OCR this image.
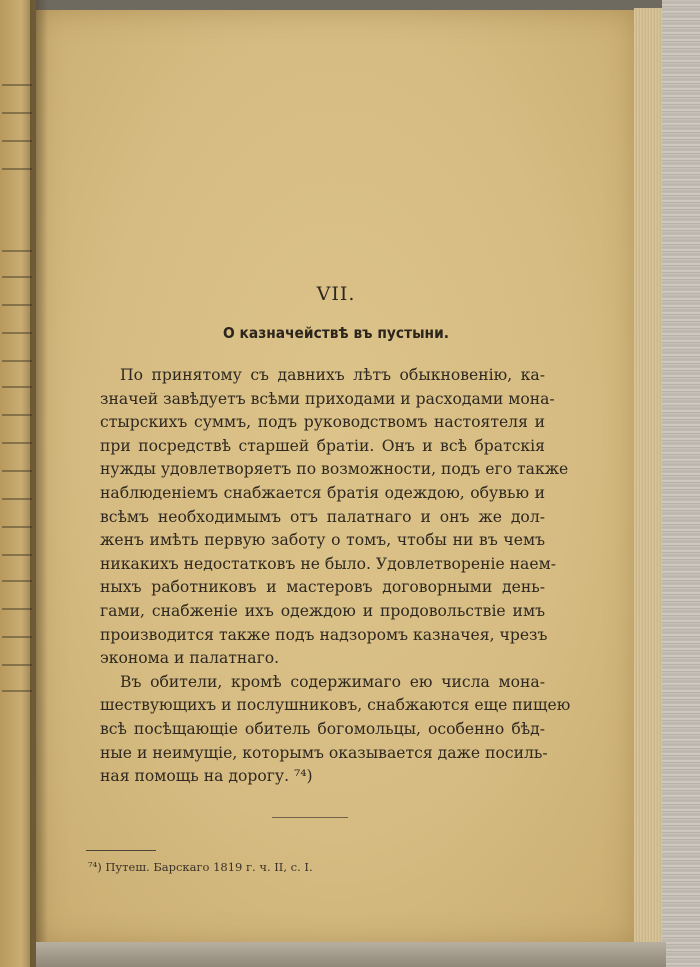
VII.
О казначействѣ въ пустыни.
По принятому съ давнихъ лѣтъ обыкновенію, ка-
значей завѣдуетъ всѣми приходами и расходами мона-
стырскихъ суммъ, подъ руководствомъ настоятеля и
при посредствѣ старшей братіи. Онъ и всѣ братскія
нужды удовлетворяетъ по возможности, подъ его также
наблюденіемъ снабжается братія одеждою, обувью и
всѣмъ необходимымъ отъ палатнаго и онъ же дол-
женъ имѣть первую заботу о томъ, чтобы ни въ чемъ
никакихъ недостатковъ не было. Удовлетвореніе наем-
ныхъ работниковъ и мастеровъ договорными день-
гами, снабженіе ихъ одеждою и продовольствіе имъ
производится также подъ надзоромъ казначея, чрезъ
эконома и палатнаго.
Въ обители, кромѣ содержимаго ею числа мона-
шествующихъ и послушниковъ, снабжаются еще пищею
всѣ посѣщающіе обитель богомольцы, особенно бѣд-
ные и неимущіе, которымъ оказывается даже посиль-
ная помощь на дорогу. ⁷⁴)
⁷⁴) Путеш. Барскаго 1819 г. ч. II, с. I.
